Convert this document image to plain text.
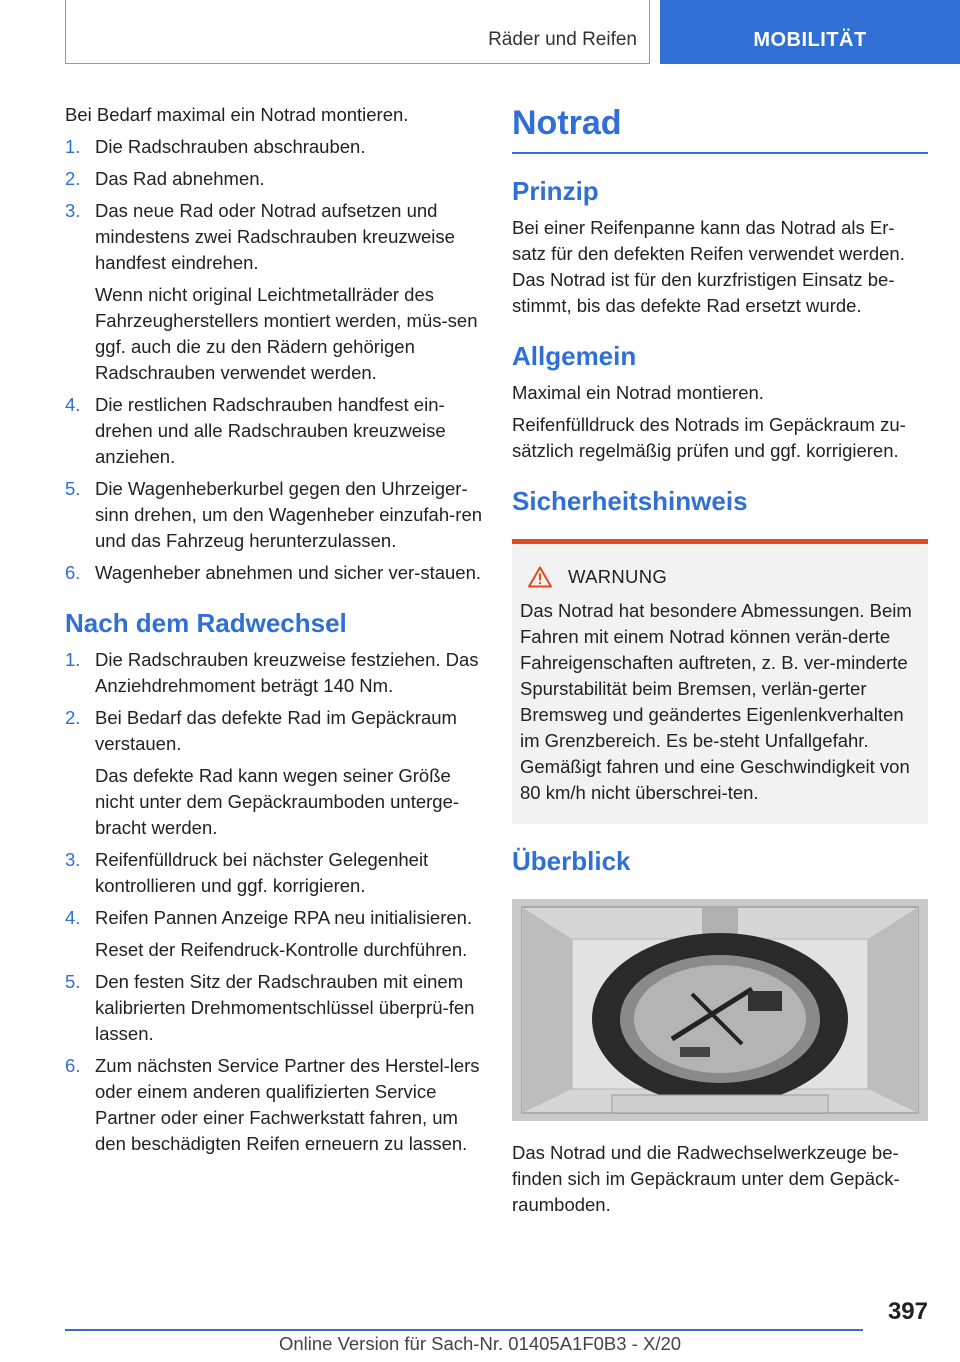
Räder und Reifen	MOBILITÄT

Bei Bedarf maximal ein Notrad montieren.

1. Die Radschrauben abschrauben.
2. Das Rad abnehmen.
3. Das neue Rad oder Notrad aufsetzen und mindestens zwei Radschrauben kreuzweise handfest eindrehen.
Wenn nicht original Leichtmetallräder des Fahrzeugherstellers montiert werden, müs-sen ggf. auch die zu den Rädern gehörigen Radschrauben verwendet werden.
4. Die restlichen Radschrauben handfest ein-drehen und alle Radschrauben kreuzweise anziehen.
5. Die Wagenheberkurbel gegen den Uhrzeiger-sinn drehen, um den Wagenheber einzufah-ren und das Fahrzeug herunterzulassen.
6. Wagenheber abnehmen und sicher ver-stauen.
Nach dem Radwechsel
1. Die Radschrauben kreuzweise festziehen. Das Anziehdrehmoment beträgt 140 Nm.
2. Bei Bedarf das defekte Rad im Gepäckraum verstauen.
Das defekte Rad kann wegen seiner Größe nicht unter dem Gepäckraumboden unterge-bracht werden.
3. Reifenfülldruck bei nächster Gelegenheit kontrollieren und ggf. korrigieren.
4. Reifen Pannen Anzeige RPA neu initialisieren.
Reset der Reifendruck-Kontrolle durchführen.
5. Den festen Sitz der Radschrauben mit einem kalibrierten Drehmomentschlüssel überprü-fen lassen.
6. Zum nächsten Service Partner des Herstel-lers oder einem anderen qualifizierten Service Partner oder einer Fachwerkstatt fahren, um den beschädigten Reifen erneuern zu lassen.
Notrad
Prinzip

Bei einer Reifenpanne kann das Notrad als Er-satz für den defekten Reifen verwendet werden. Das Notrad ist für den kurzfristigen Einsatz be-stimmt, bis das defekte Rad ersetzt wurde.

Allgemein

Maximal ein Notrad montieren.

Reifenfülldruck des Notrads im Gepäckraum zu-sätzlich regelmäßig prüfen und ggf. korrigieren.

Sicherheitshinweis
WARNUNG

Das Notrad hat besondere Abmessungen. Beim Fahren mit einem Notrad können verän-derte Fahreigenschaften auftreten, z. B. ver-minderte Spurstabilität beim Bremsen, verlän-gerter Bremsweg und geändertes Eigenlenkverhalten im Grenzbereich. Es be-steht Unfallgefahr. Gemäßigt fahren und eine Geschwindigkeit von 80 km/h nicht überschrei-ten.

Überblick

Das Notrad und die Radwechselwerkzeuge be-finden sich im Gepäckraum unter dem Gepäck-raumboden.

397
Online Version für Sach-Nr. 01405A1F0B3 - X/20
